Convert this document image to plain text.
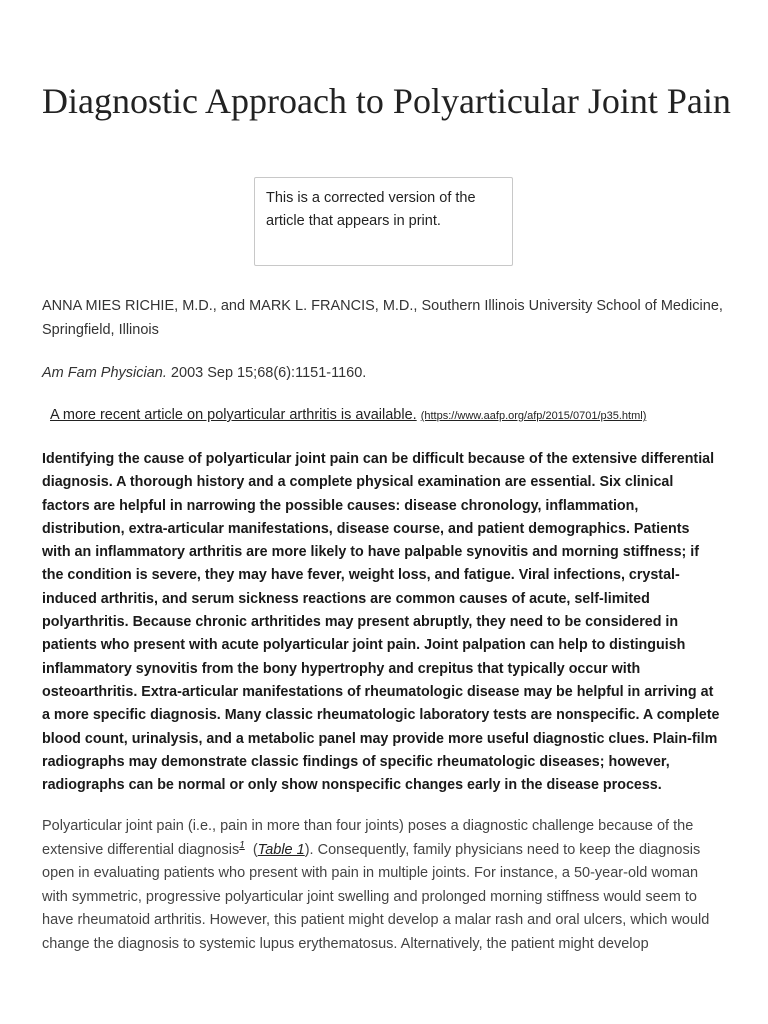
Diagnostic Approach to Polyarticular Joint Pain
This is a corrected version of the article that appears in print.
ANNA MIES RICHIE, M.D., and MARK L. FRANCIS, M.D., Southern Illinois University School of Medicine, Springfield, Illinois
Am Fam Physician. 2003 Sep 15;68(6):1151-1160.
A more recent article on polyarticular arthritis is available. (https://www.aafp.org/afp/2015/0701/p35.html)
Identifying the cause of polyarticular joint pain can be difficult because of the extensive differential diagnosis. A thorough history and a complete physical examination are essential. Six clinical factors are helpful in narrowing the possible causes: disease chronology, inflammation, distribution, extra-articular manifestations, disease course, and patient demographics. Patients with an inflammatory arthritis are more likely to have palpable synovitis and morning stiffness; if the condition is severe, they may have fever, weight loss, and fatigue. Viral infections, crystal-induced arthritis, and serum sickness reactions are common causes of acute, self-limited polyarthritis. Because chronic arthritides may present abruptly, they need to be considered in patients who present with acute polyarticular joint pain. Joint palpation can help to distinguish inflammatory synovitis from the bony hypertrophy and crepitus that typically occur with osteoarthritis. Extra-articular manifestations of rheumatologic disease may be helpful in arriving at a more specific diagnosis. Many classic rheumatologic laboratory tests are nonspecific. A complete blood count, urinalysis, and a metabolic panel may provide more useful diagnostic clues. Plain-film radiographs may demonstrate classic findings of specific rheumatologic diseases; however, radiographs can be normal or only show nonspecific changes early in the disease process.
Polyarticular joint pain (i.e., pain in more than four joints) poses a diagnostic challenge because of the extensive differential diagnosis$^1$  (Table 1). Consequently, family physicians need to keep the diagnosis open in evaluating patients who present with pain in multiple joints. For instance, a 50-year-old woman with symmetric, progressive polyarticular joint swelling and prolonged morning stiffness would seem to have rheumatoid arthritis. However, this patient might develop a malar rash and oral ulcers, which would change the diagnosis to systemic lupus erythematosus. Alternatively, the patient might develop
